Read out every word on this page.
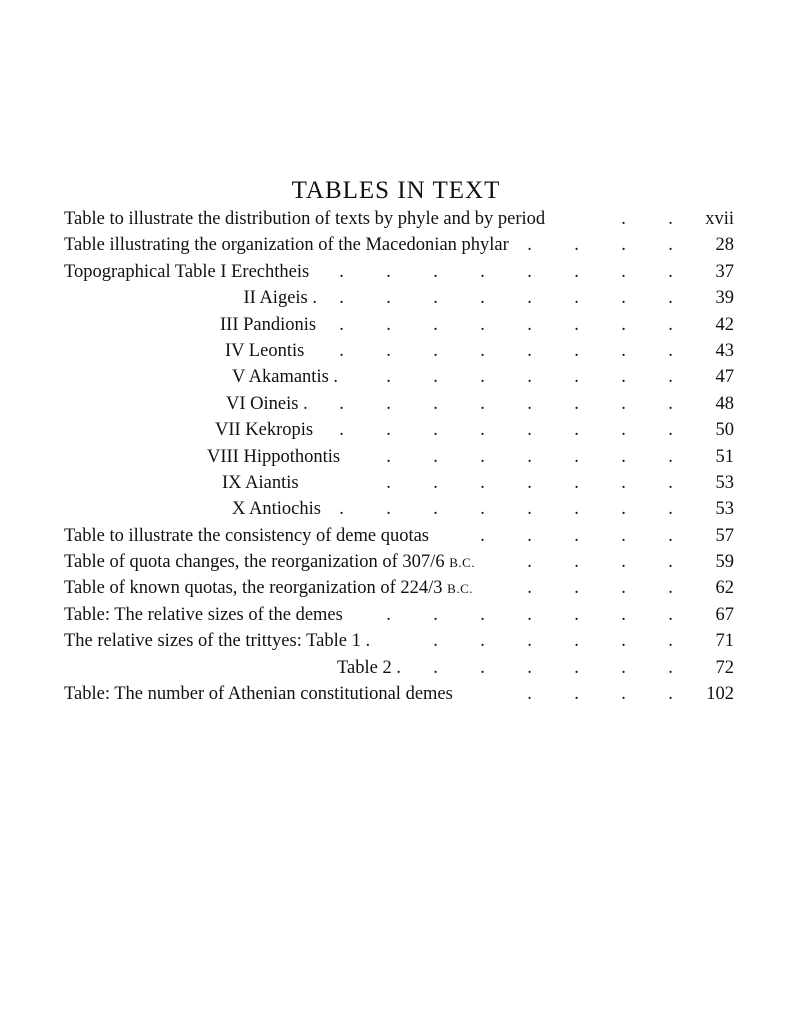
TABLES IN TEXT
Table to illustrate the distribution of texts by phyle and by period	.	.	xvii
Table illustrating the organization of the Macedonian phylar .	.	.	.	28
Topographical Table I Erechtheis	.	.	.	.	.	.	.	.	37
II Aigeis .	.	.	.	.	.	.	.	.	39
III Pandionis	.	.	.	.	.	.	.	.	42
IV Leontis	.	.	.	.	.	.	.	.	43
V Akamantis .	.	.	.	.	.	.	.	47
VI Oineis .	.	.	.	.	.	.	.	.	48
VII Kekropis	.	.	.	.	.	.	.	.	50
VIII Hippothontis	.	.	.	.	.	.	.	51
IX Aiantis	.	.	.	.	.	.	.	53
X Antiochis .	.	.	.	.	.	.	.	53
Table to illustrate the consistency of deme quotas	.	.	.	.	.	57
Table of quota changes, the reorganization of 307/6 B.C.	.	.	.	.	59
Table of known quotas, the reorganization of 224/3 B.C.	.	.	.	.	62
Table: The relative sizes of the demes	.	.	.	.	.	.	.	67
The relative sizes of the trittyes: Table 1 .	.	.	.	.	.	.	71
Table 2 .	.	.	.	.	.	.	72
Table: The number of Athenian constitutional demes	.	.	.	.	102
